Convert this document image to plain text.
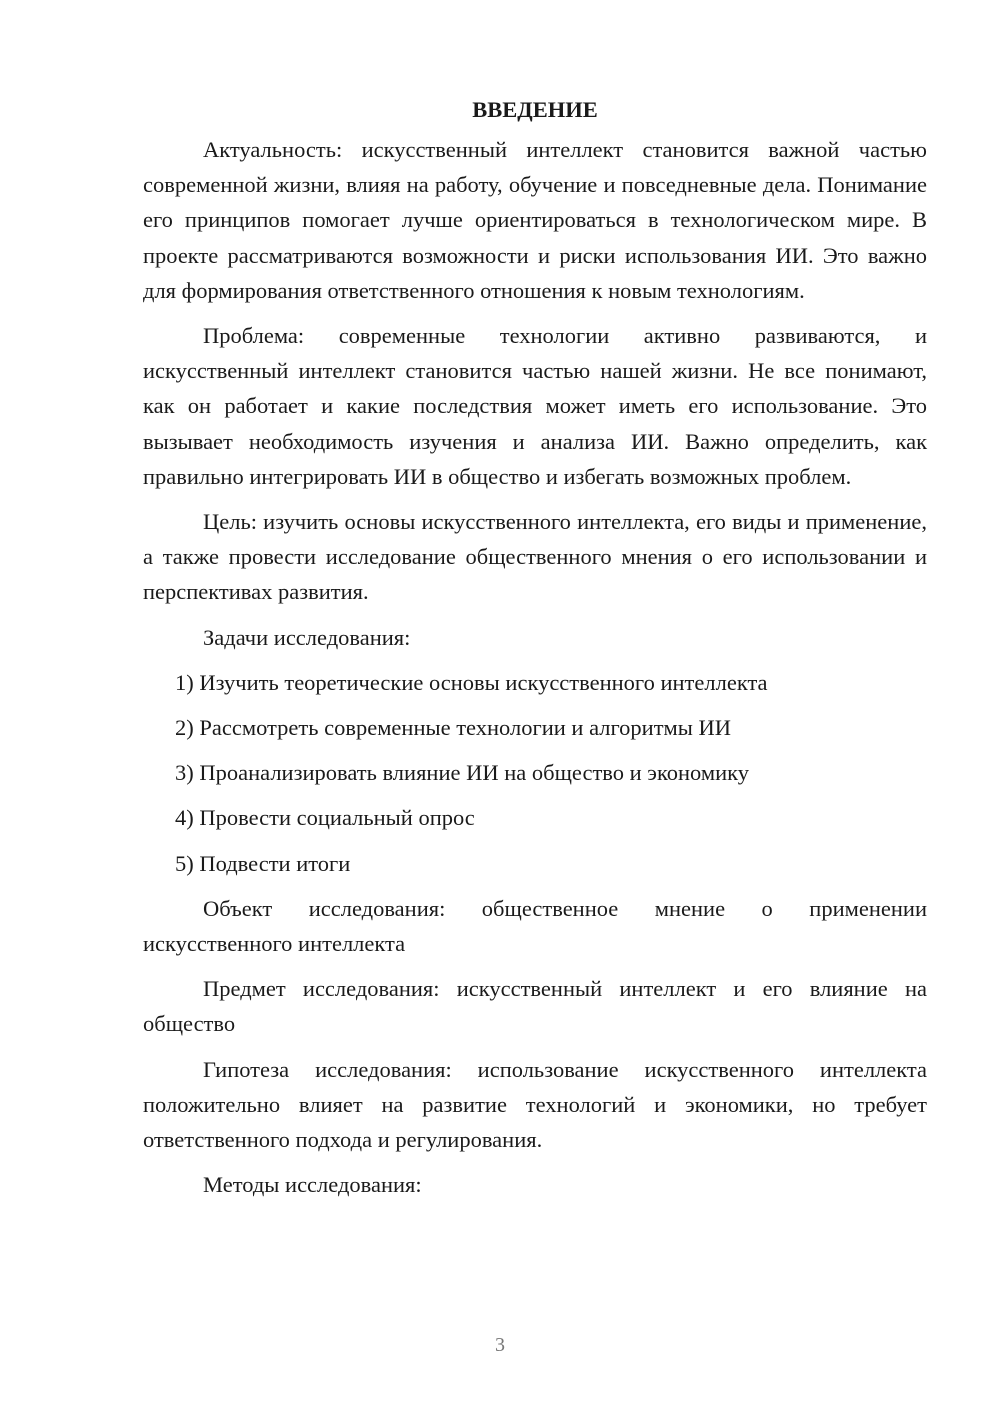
ВВЕДЕНИЕ

Актуальность: искусственный интеллект становится важной частью современной жизни, влияя на работу, обучение и повседневные дела. Понимание его принципов помогает лучше ориентироваться в технологическом мире. В проекте рассматриваются возможности и риски использования ИИ. Это важно для формирования ответственного отношения к новым технологиям.

Проблема: современные технологии активно развиваются, и искусственный интеллект становится частью нашей жизни. Не все понимают, как он работает и какие последствия может иметь его использование. Это вызывает необходимость изучения и анализа ИИ. Важно определить, как правильно интегрировать ИИ в общество и избегать возможных проблем.

Цель: изучить основы искусственного интеллекта, его виды и применение, а также провести исследование общественного мнения о его использовании и перспективах развития.

Задачи исследования:

1) Изучить теоретические основы искусственного интеллекта
2) Рассмотреть современные технологии и алгоритмы ИИ
3) Проанализировать влияние ИИ на общество и экономику
4) Провести социальный опрос
5) Подвести итоги

Объект исследования: общественное мнение о применении искусственного интеллекта

Предмет исследования: искусственный интеллект и его влияние на общество

Гипотеза исследования: использование искусственного интеллекта положительно влияет на развитие технологий и экономики, но требует ответственного подхода и регулирования.

Методы исследования:

3
